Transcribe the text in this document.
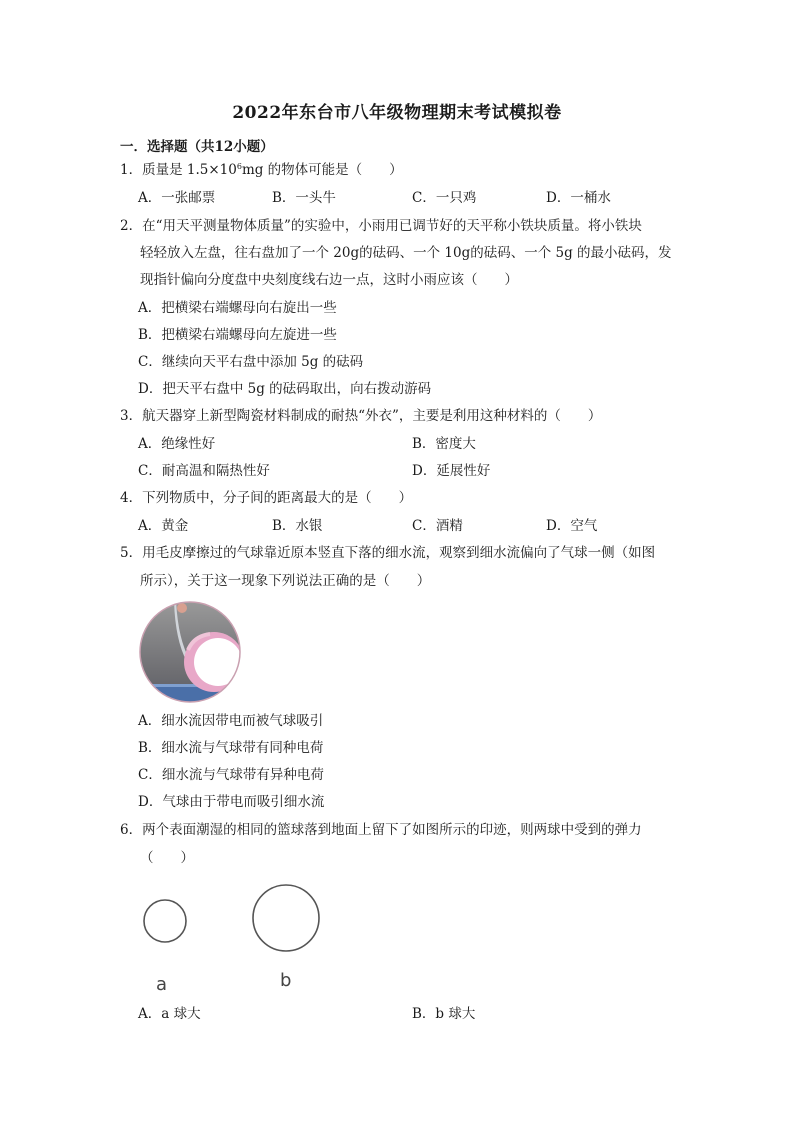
2022年东台市八年级物理期末考试模拟卷
一．选择题（共12小题）
1．质量是 $1.5\times 10^6mg$ 的物体可能是（　　）
A．一张邮票	B．一头牛	C．一只鸡	D．一桶水
2．在“用天平测量物体质量”的实验中，小雨用已调节好的天平称小铁块质量。将小铁块
轻轻放入左盘，往右盘加了一个 20g的砝码、一个 10g的砝码、一个 5g 的最小砝码，发
现指针偏向分度盘中央刻度线右边一点，这时小雨应该（　　）
A．把横梁右端螺母向右旋出一些
B．把横梁右端螺母向左旋进一些
C．继续向天平右盘中添加 5g 的砝码
D．把天平右盘中 5g 的砝码取出，向右拨动游码
3．航天器穿上新型陶瓷材料制成的耐热“外衣”，主要是利用这种材料的（　　）
A．绝缘性好	B．密度大
C．耐高温和隔热性好	D．延展性好
4．下列物质中，分子间的距离最大的是（　　）
A．黄金	B．水银	C．酒精	D．空气
5．用毛皮摩擦过的气球靠近原本竖直下落的细水流，观察到细水流偏向了气球一侧（如图
所示），关于这一现象下列说法正确的是（　　）
A．细水流因带电而被气球吸引
B．细水流与气球带有同种电荷
C．细水流与气球带有异种电荷
D．气球由于带电而吸引细水流
6．两个表面潮湿的相同的篮球落到地面上留下了如图所示的印迹，则两球中受到的弹力
（　　）
a	b
A．a 球大	B．b 球大
